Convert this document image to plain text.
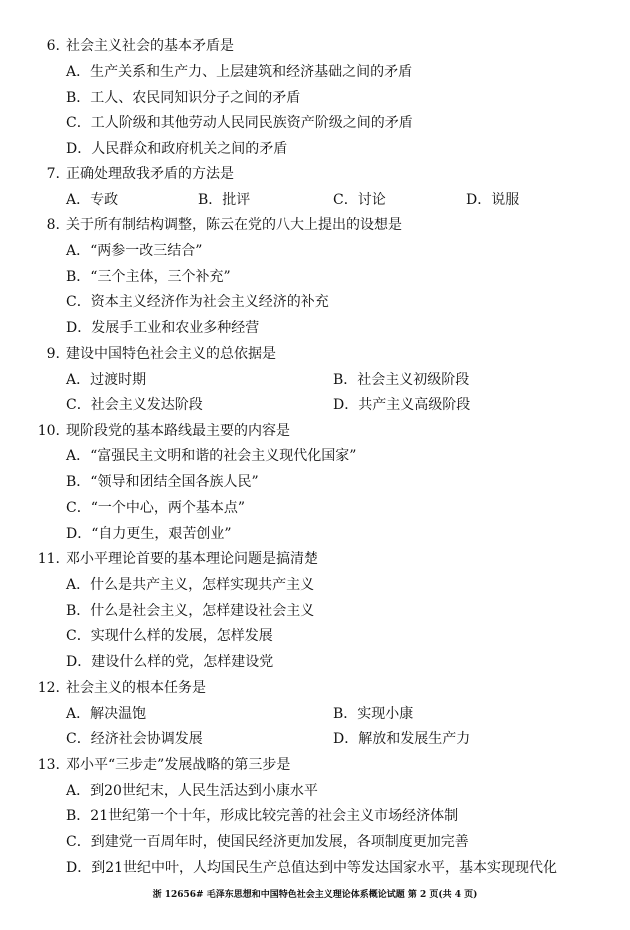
6. 社会主义社会的基本矛盾是
A．生产关系和生产力、上层建筑和经济基础之间的矛盾
B．工人、农民同知识分子之间的矛盾
C．工人阶级和其他劳动人民同民族资产阶级之间的矛盾
D．人民群众和政府机关之间的矛盾
7. 正确处理敌我矛盾的方法是
A．专政	B．批评	C．讨论	D．说服
8. 关于所有制结构调整，陈云在党的八大上提出的设想是
A．“两参一改三结合”
B．“三个主体，三个补充”
C．资本主义经济作为社会主义经济的补充
D．发展手工业和农业多种经营
9. 建设中国特色社会主义的总依据是
A．过渡时期	B．社会主义初级阶段
C．社会主义发达阶段	D．共产主义高级阶段
10. 现阶段党的基本路线最主要的内容是
A．“富强民主文明和谐的社会主义现代化国家”
B．“领导和团结全国各族人民”
C．“一个中心，两个基本点”
D．“自力更生，艰苦创业”
11. 邓小平理论首要的基本理论问题是搞清楚
A．什么是共产主义，怎样实现共产主义
B．什么是社会主义，怎样建设社会主义
C．实现什么样的发展，怎样发展
D．建设什么样的党，怎样建设党
12. 社会主义的根本任务是
A．解决温饱	B．实现小康
C．经济社会协调发展	D．解放和发展生产力
13. 邓小平“三步走”发展战略的第三步是
A．到20世纪末，人民生活达到小康水平
B．21世纪第一个十年，形成比较完善的社会主义市场经济体制
C．到建党一百周年时，使国民经济更加发展，各项制度更加完善
D．到21世纪中叶，人均国民生产总值达到中等发达国家水平，基本实现现代化
浙 12656# 毛泽东思想和中国特色社会主义理论体系概论试题 第 2 页(共 4 页)
